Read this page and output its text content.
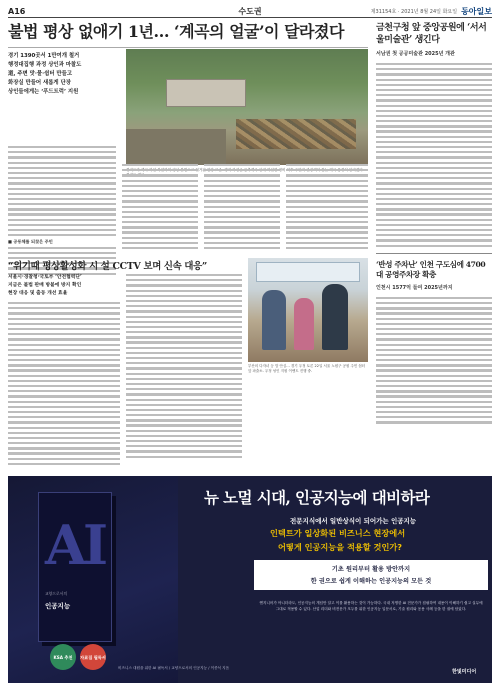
A16	수도권	제31154호 · 2021년 8월 24일 화요일 동아일보
불법 평상 없애기 1년… ‘계곡의 얼굴’이 달라졌다
경기 1390곳서 1만여개 철거
행정대집행 과정 상인과 마찰도
道, 주변 맛·물·쉼터 만들고
화장실 만들어 새롭게 단장
상인들에게는 ‘푸드트럭’ 지원
철거된 정비
■ 공동체를 되찾은 주민
금천구청 앞 중앙공원에 ‘서서울미술관’ 생긴다
서남권 첫 공공미술관 2025년 개관
‘반성 주차난’ 인천 구도심에 4700대 공영주차장 확충
인천시 1577억 들여 2025년까지
“위기때 평상활성화 시 설 CCTV 보며 신속 대응”
서울시·경찰청·국토부 ‘안전협력단’
지금은 불법 판매 방불에 방지 확인
현장 대응 및 출동 개선 효율
부산의 다자녀 등 맘 안심… 경기 우정 토론 22일 서울 노원구 공원 주민 쉼터 앞 파출소. 우정 성인 지원 이벤트 진행 중.
AI
교양으로서의
인공지능
KSA 추천	자료집 필독서
비즈니스 대원을 위한 AI 필독서 / 교양으로서의 인공지능 / 이종석 지음
뉴 노멀 시대, 인공지능에 대비하라
전문지식에서 일반상식이 되어가는 인공지능
인텍트가 일상화된 비즈니스 현장에서
어떻게 인공지능을 적용할 것인가?
기초 원리부터 활용 방안까지
한 권으로 쉽게 이해하는 인공지능의 모든 것
엔지니어가 아니더라도, 인공지능의 개념만 알고 이를 활용하는 것이 가능하다. 국내 저명한 AI 전문가가 집필하여 내용이 이해하기 쉽고 실무에 그대로 적용할 수 있다. 산업 리더와 비전문가 모두를 위한 인공지능 입문서로, 기술 원리와 응용 사례 등을 한 권에 담았다.
한빛미디어
